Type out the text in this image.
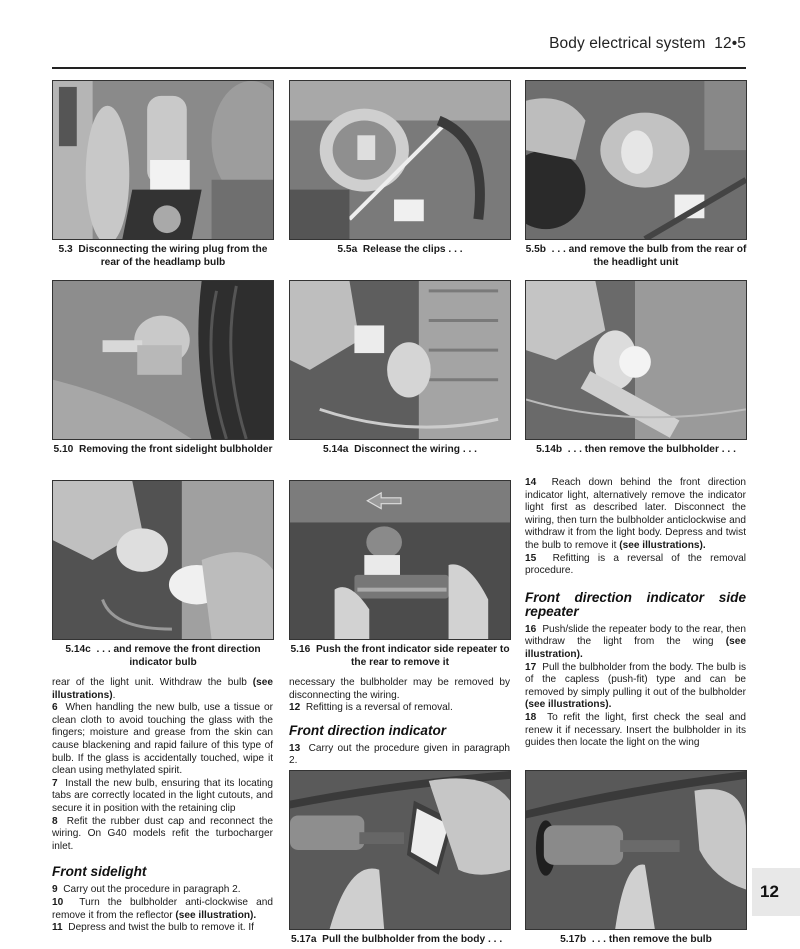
Body electrical system 12•5
5.3 Disconnecting the wiring plug from the rear of the headlamp bulb
5.5a Release the clips . . .	5.5b . . . and remove the bulb from the rear of the headlight unit
5.10 Removing the front sidelight bulbholder	5.14a Disconnect the wiring . . .	5.14b . . . then remove the bulbholder . . .
5.14c . . . and remove the front direction indicator bulb
5.16 Push the front indicator side repeater to the rear to remove it

14 Reach down behind the front direction indicator light, alternatively remove the indicator light first as described later. Disconnect the wiring, then turn the bulbholder anticlockwise and withdraw it from the light body. Depress and twist the bulb to remove it (see illustrations).

15 Refitting is a reversal of the removal procedure.

Front direction indicator side repeater

16 Push/slide the repeater body to the rear, then withdraw the light from the wing (see illustration).

17 Pull the bulbholder from the body. The bulb is of the capless (push-fit) type and can be removed by simply pulling it out of the bulbholder (see illustrations).

18 To refit the light, first check the seal and renew it if necessary. Insert the bulbholder in its guides then locate the light on the wing

rear of the light unit. Withdraw the bulb (see illustrations).

6 When handling the new bulb, use a tissue or clean cloth to avoid touching the glass with the fingers; moisture and grease from the skin can cause blackening and rapid failure of this type of bulb. If the glass is accidentally touched, wipe it clean using methylated spirit.

7 Install the new bulb, ensuring that its locating tabs are correctly located in the light cutouts, and secure it in position with the retaining clip

8 Refit the rubber dust cap and reconnect the wiring. On G40 models refit the turbocharger inlet.

Front sidelight

9 Carry out the procedure in paragraph 2.

10 Turn the bulbholder anti-clockwise and remove it from the reflector (see illustration).

11 Depress and twist the bulb to remove it. If

necessary the bulbholder may be removed by disconnecting the wiring.

12 Refitting is a reversal of removal.

Front direction indicator

13 Carry out the procedure given in paragraph 2.

5.17a Pull the bulbholder from the body . . .	5.17b . . . then remove the bulb
12
